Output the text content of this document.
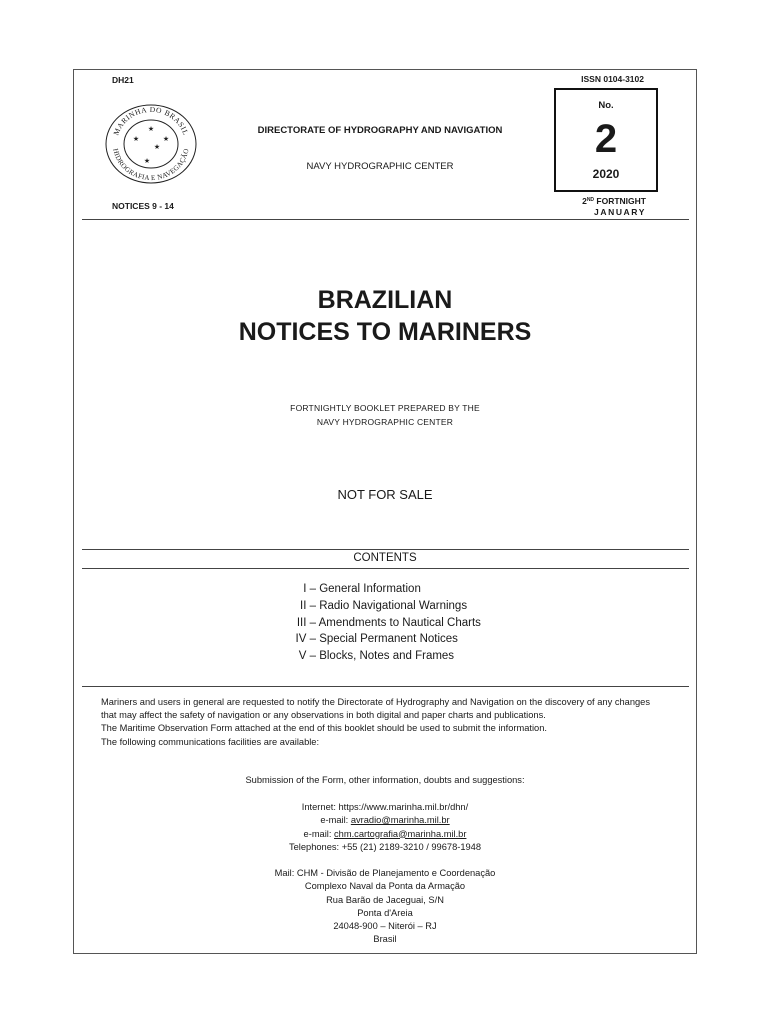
DH21	ISSN 0104-3102
MARINHA DO BRASIL
HIDROGRAFIA E NAVEGAÇÃO
★
★	★
★
★
DIRECTORATE OF HYDROGRAPHY AND NAVIGATION
NAVY HYDROGRAPHIC CENTER
No.
2
2020
NOTICES 9 - 14	2ND FORTNIGHT
JANUARY
BRAZILIAN
NOTICES TO MARINERS
FORTNIGHTLY BOOKLET PREPARED BY THE
NAVY HYDROGRAPHIC CENTER
NOT FOR SALE
CONTENTS
I – General Information
II – Radio Navigational Warnings
III – Amendments to Nautical Charts
IV – Special Permanent Notices
V – Blocks, Notes and Frames

Mariners and users in general are requested to notify the Directorate of Hydrography and Navigation on the discovery of any changes that may affect the safety of navigation or any observations in both digital and paper charts and publications.

The Maritime Observation Form attached at the end of this booklet should be used to submit the information.

The following communications facilities are available:

Submission of the Form, other information, doubts and suggestions:
Internet: https://www.marinha.mil.br/dhn/
e-mail: avradio@marinha.mil.br
e-mail: chm.cartografia@marinha.mil.br
Telephones: +55 (21) 2189-3210 / 99678-1948
Mail: CHM - Divisão de Planejamento e Coordenação
Complexo Naval da Ponta da Armação
Rua Barão de Jaceguai, S/N
Ponta d'Areia
24048-900 – Niterói – RJ
Brasil
